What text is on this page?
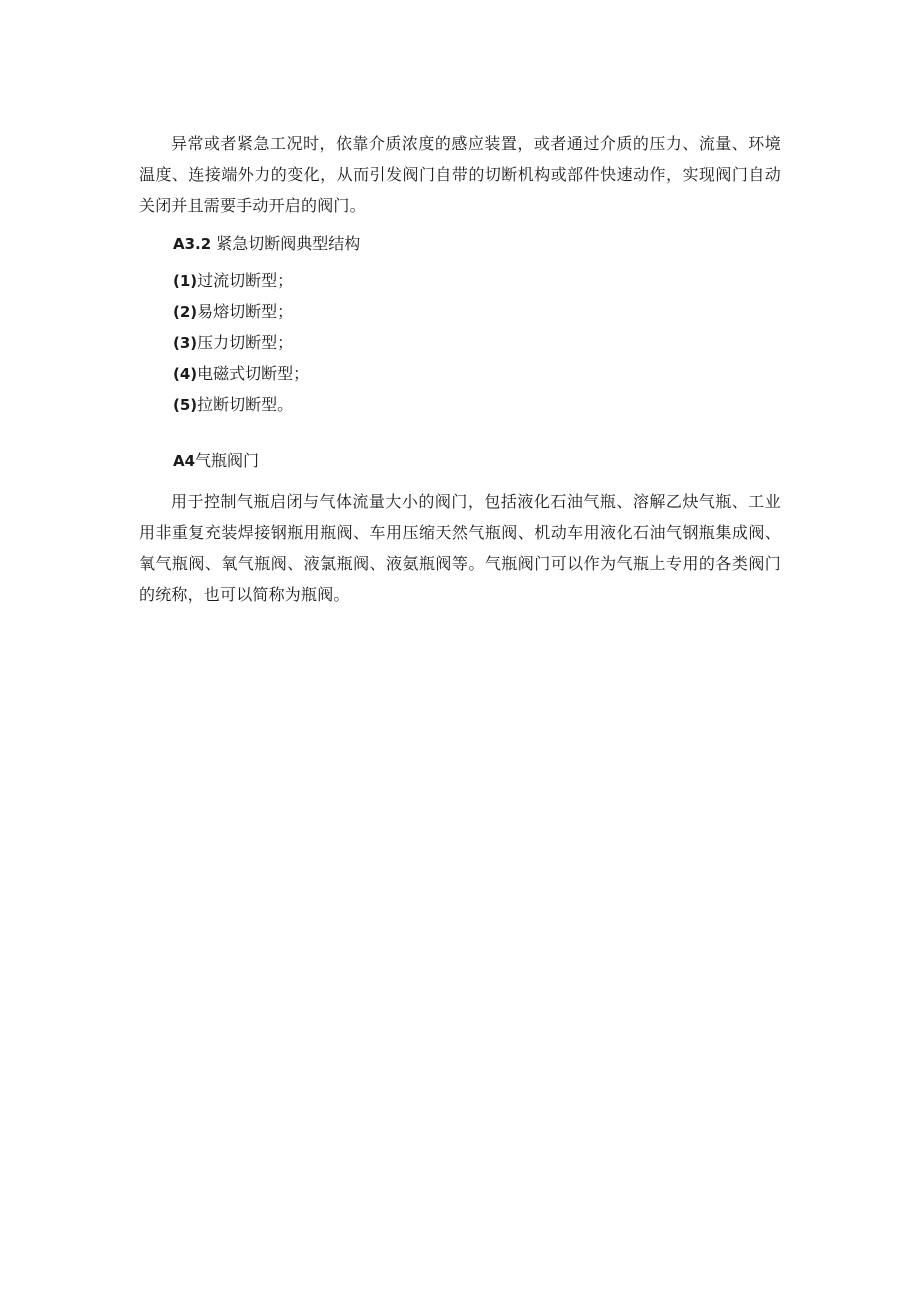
异常或者紧急工况时，依靠介质浓度的感应装置，或者通过介质的压力、流量、环境温度、连接端外力的变化，从而引发阀门自带的切断机构或部件快速动作，实现阀门自动关闭并且需要手动开启的阀门。

A3.2 紧急切断阀典型结构
(1)过流切断型；
(2)易熔切断型；
(3)压力切断型；
(4)电磁式切断型；
(5)拉断切断型。
A4气瓶阀门

用于控制气瓶启闭与气体流量大小的阀门，包括液化石油气瓶、溶解乙炔气瓶、工业用非重复充装焊接钢瓶用瓶阀、车用压缩天然气瓶阀、机动车用液化石油气钢瓶集成阀、氧气瓶阀、氧气瓶阀、液氯瓶阀、液氨瓶阀等。气瓶阀门可以作为气瓶上专用的各类阀门的统称，也可以简称为瓶阀。
